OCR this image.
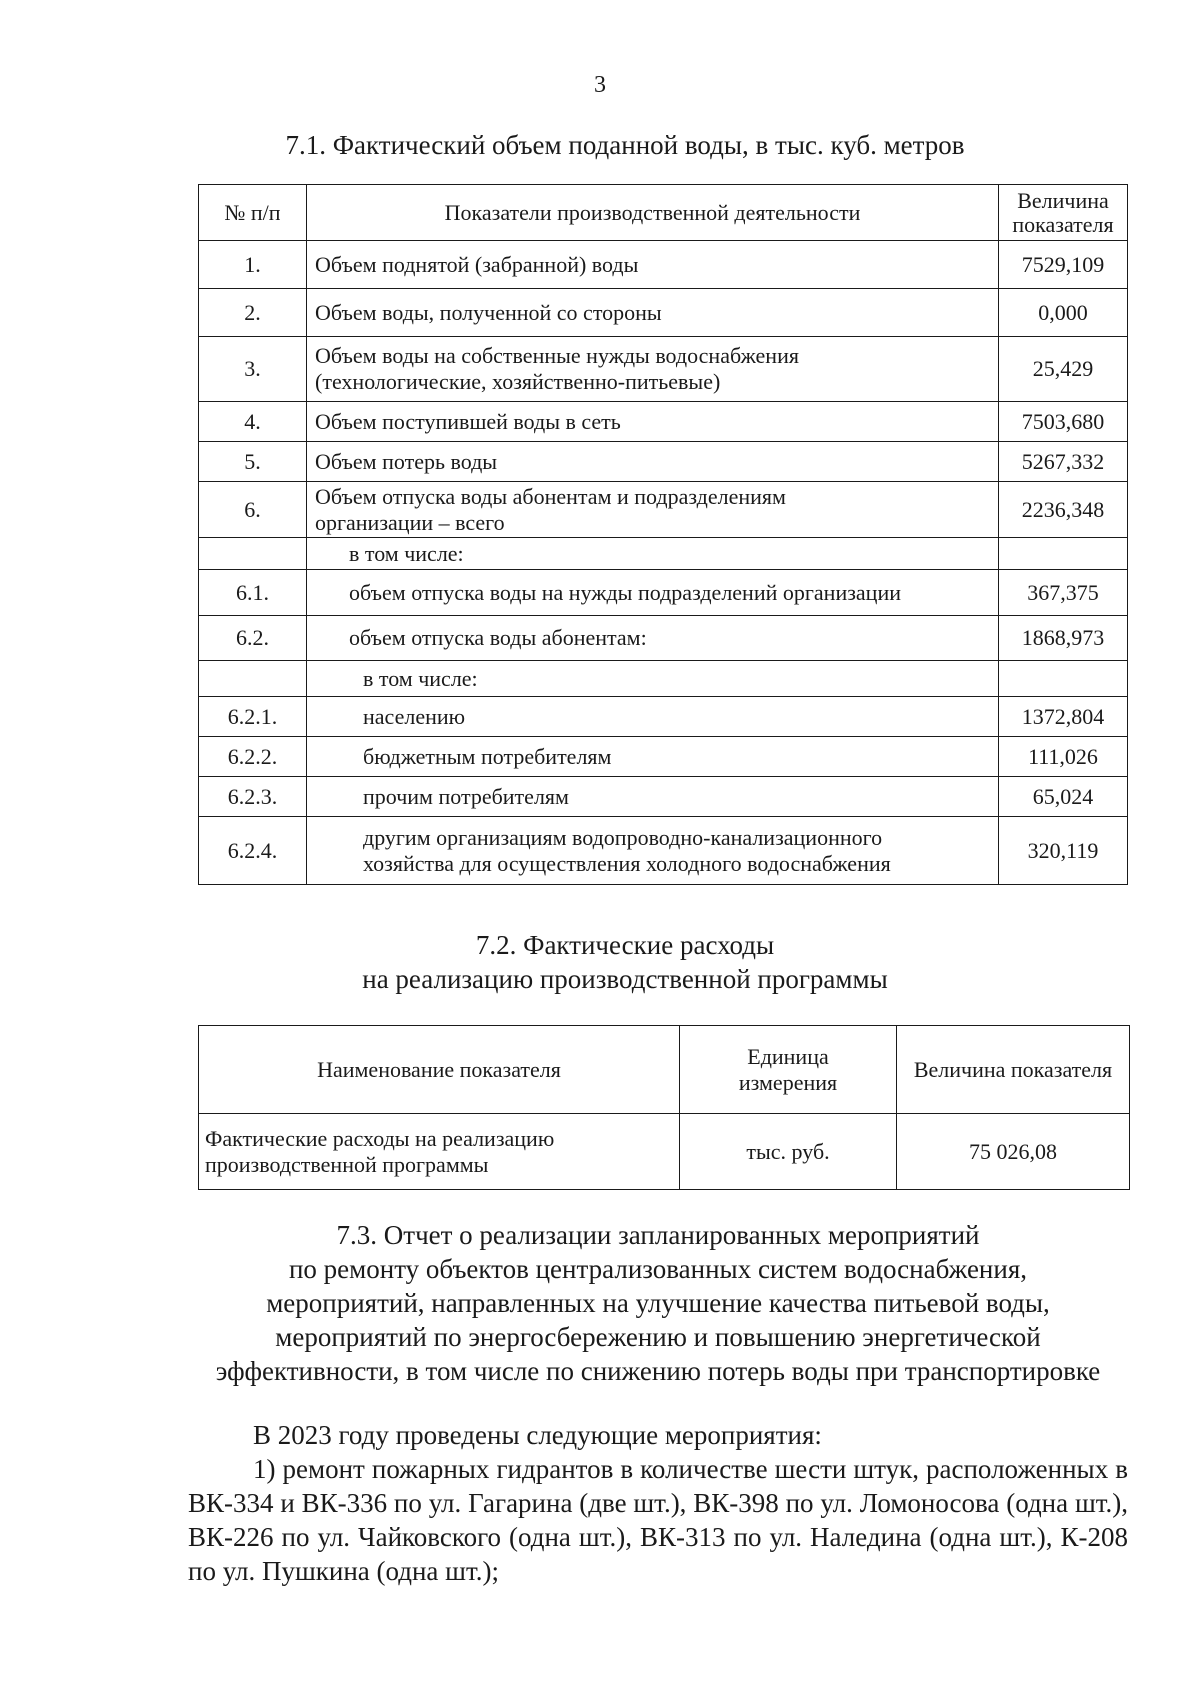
3
7.1. Фактический объем поданной воды, в тыс. куб. метров
№ п/п	Показатели производственной деятельности	Величина
показателя
1.	Объем поднятой (забранной) воды	7529,109
2.	Объем воды, полученной со стороны	0,000
3.	Объем воды на собственные нужды водоснабжения
(технологические, хозяйственно-питьевые)	25,429
4.	Объем поступившей воды в сеть	7503,680
5.	Объем потерь воды	5267,332
6.	Объем отпуска воды абонентам и подразделениям
организации – всего	2236,348
	в том числе:	
6.1.	объем отпуска воды на нужды подразделений организации	367,375
6.2.	объем отпуска воды абонентам:	1868,973
	в том числе:	
6.2.1.	населению	1372,804
6.2.2.	бюджетным потребителям	111,026
6.2.3.	прочим потребителям	65,024
6.2.4.	другим организациям водопроводно-канализационного
хозяйства для осуществления холодного водоснабжения	320,119
7.2. Фактические расходы
на реализацию производственной программы
Наименование показателя	Единица
измерения	Величина показателя
Фактические расходы на реализацию
производственной программы	тыс. руб.	75 026,08
7.3. Отчет о реализации запланированных мероприятий
по ремонту объектов централизованных систем водоснабжения,
мероприятий, направленных на улучшение качества питьевой воды,
мероприятий по энергосбережению и повышению энергетической
эффективности, в том числе по снижению потерь воды при транспортировке
В 2023 году проведены следующие мероприятия:
1) ремонт пожарных гидрантов в количестве шести штук, расположенных в ВК-334 и ВК-336 по ул. Гагарина (две шт.), ВК-398 по ул. Ломоносова (одна шт.), ВК-226 по ул. Чайковского (одна шт.), ВК-313 по ул. Наледина (одна шт.), К-208 по ул. Пушкина (одна шт.);
